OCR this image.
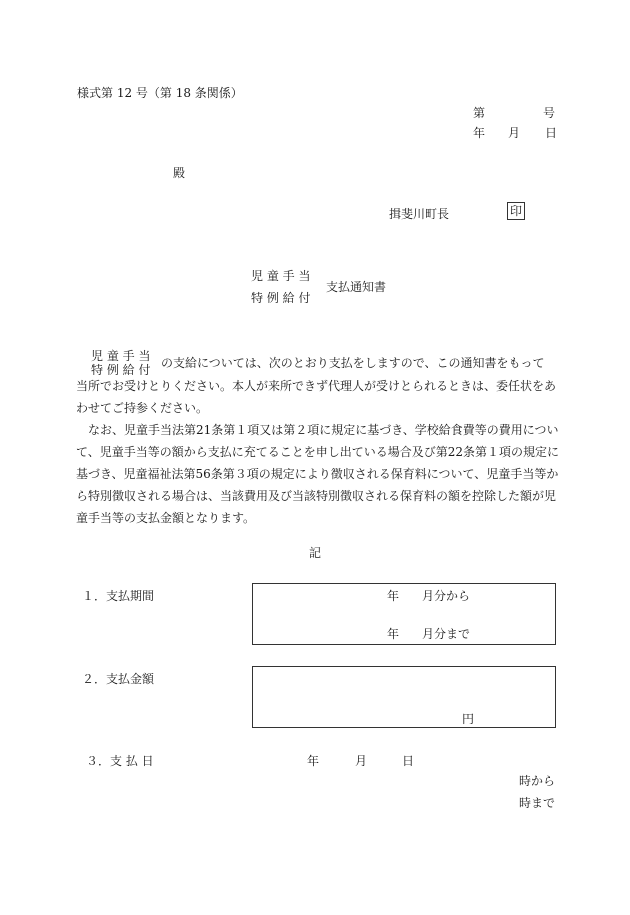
様式第 12 号（第 18 条関係）
第	号
年 月 日
殿
揖斐川町長	印
児 童 手 当
特 例 給 付
支払通知書
児 童 手 当
特 例 給 付 の支給については、次のとおり支払をしますので、この通知書をもって
当所でお受けとりください。本人が来所できず代理人が受けとられるときは、委任状をあ
わせてご持参ください。
　なお、児童手当法第21条第１項又は第２項に規定に基づき、学校給食費等の費用につい
て、児童手当等の額から支払に充てることを申し出ている場合及び第22条第１項の規定に
基づき、児童福祉法第56条第３項の規定により徴収される保育料について、児童手当等か
ら特別徴収される場合は、当該費用及び当該特別徴収される保育料の額を控除した額が児
童手当等の支払金額となります。
記
１．支払期間	年 月分から
年 月分まで
２．支払金額
円
３．支 払 日	年	月	日
時から
時まで
